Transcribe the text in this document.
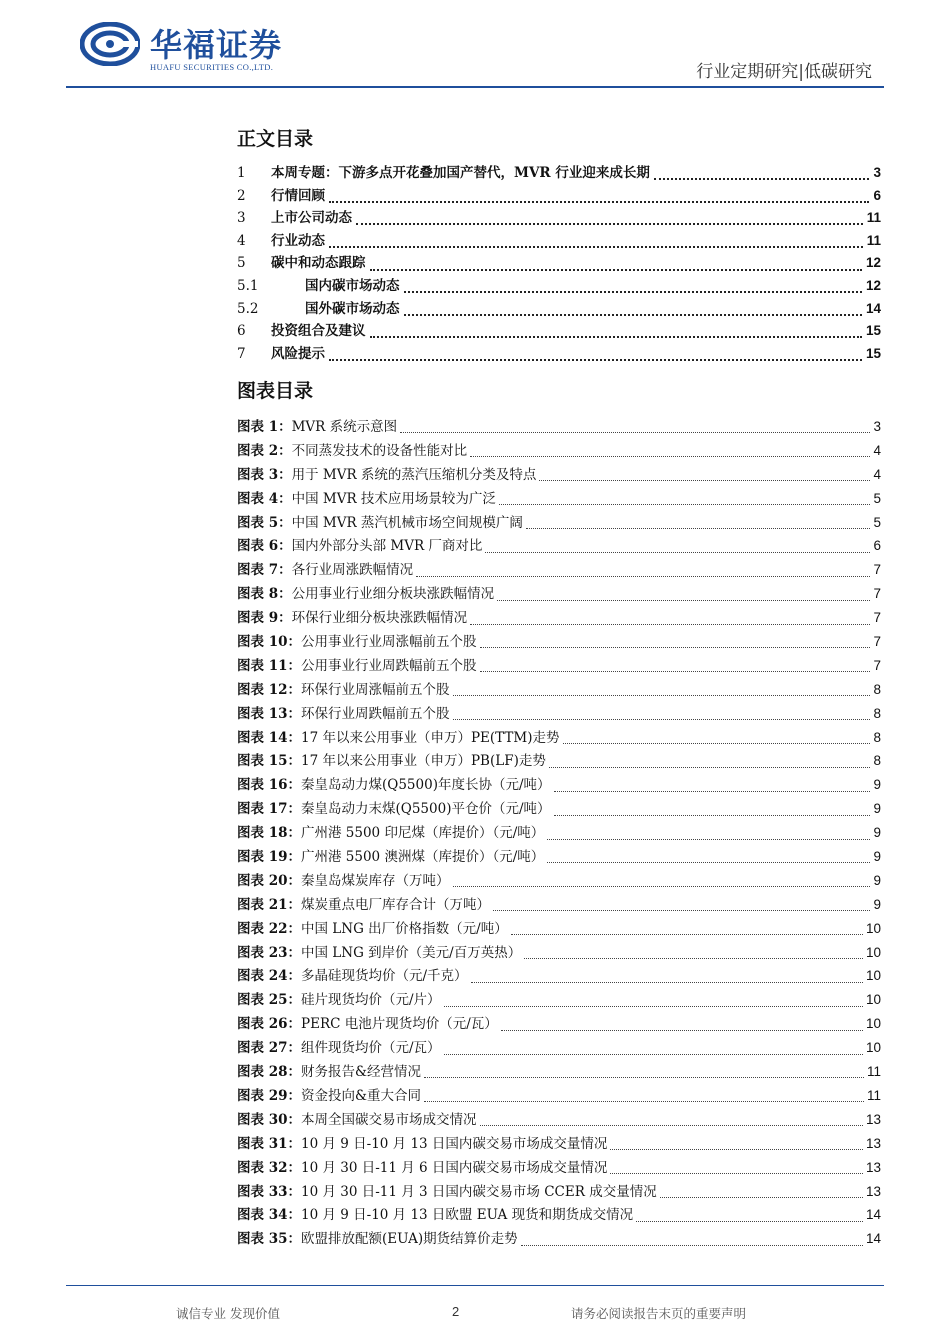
华福证券
HUAFU SECURITIES CO.,LTD.	行业定期研究|低碳研究
正文目录
1	本周专题：下游多点开花叠加国产替代，MVR 行业迎来成长期	3
2	行情回顾	6
3	上市公司动态	11
4	行业动态	11
5	碳中和动态跟踪	12
5.1	国内碳市场动态	12
5.2	国外碳市场动态	14
6	投资组合及建议	15
7	风险提示	15
图表目录
图表 1： MVR 系统示意图	3
图表 2： 不同蒸发技术的设备性能对比	4
图表 3： 用于 MVR 系统的蒸汽压缩机分类及特点	4
图表 4： 中国 MVR 技术应用场景较为广泛	5
图表 5： 中国 MVR 蒸汽机械市场空间规模广阔	5
图表 6： 国内外部分头部 MVR 厂商对比	6
图表 7： 各行业周涨跌幅情况	7
图表 8： 公用事业行业细分板块涨跌幅情况	7
图表 9： 环保行业细分板块涨跌幅情况	7
图表 10： 公用事业行业周涨幅前五个股	7
图表 11： 公用事业行业周跌幅前五个股	7
图表 12： 环保行业周涨幅前五个股	8
图表 13： 环保行业周跌幅前五个股	8
图表 14： 17 年以来公用事业（申万）PE(TTM)走势	8
图表 15： 17 年以来公用事业（申万）PB(LF)走势	8
图表 16： 秦皇岛动力煤(Q5500)年度长协（元/吨）	9
图表 17： 秦皇岛动力末煤(Q5500)平仓价（元/吨）	9
图表 18： 广州港 5500 印尼煤（库提价）（元/吨）	9
图表 19： 广州港 5500 澳洲煤（库提价）（元/吨）	9
图表 20： 秦皇岛煤炭库存（万吨）	9
图表 21： 煤炭重点电厂库存合计（万吨）	9
图表 22： 中国 LNG 出厂价格指数（元/吨）	10
图表 23： 中国 LNG 到岸价（美元/百万英热）	10
图表 24： 多晶硅现货均价（元/千克）	10
图表 25： 硅片现货均价（元/片）	10
图表 26： PERC 电池片现货均价（元/瓦）	10
图表 27： 组件现货均价（元/瓦）	10
图表 28： 财务报告&经营情况	11
图表 29： 资金投向&重大合同	11
图表 30： 本周全国碳交易市场成交情况	13
图表 31： 10 月 9 日-10 月 13 日国内碳交易市场成交量情况	13
图表 32： 10 月 30 日-11 月 6 日国内碳交易市场成交量情况	13
图表 33： 10 月 30 日-11 月 3 日国内碳交易市场 CCER 成交量情况	13
图表 34： 10 月 9 日-10 月 13 日欧盟 EUA 现货和期货成交情况	14
图表 35： 欧盟排放配额(EUA)期货结算价走势	14
诚信专业 发现价值	2	请务必阅读报告末页的重要声明
